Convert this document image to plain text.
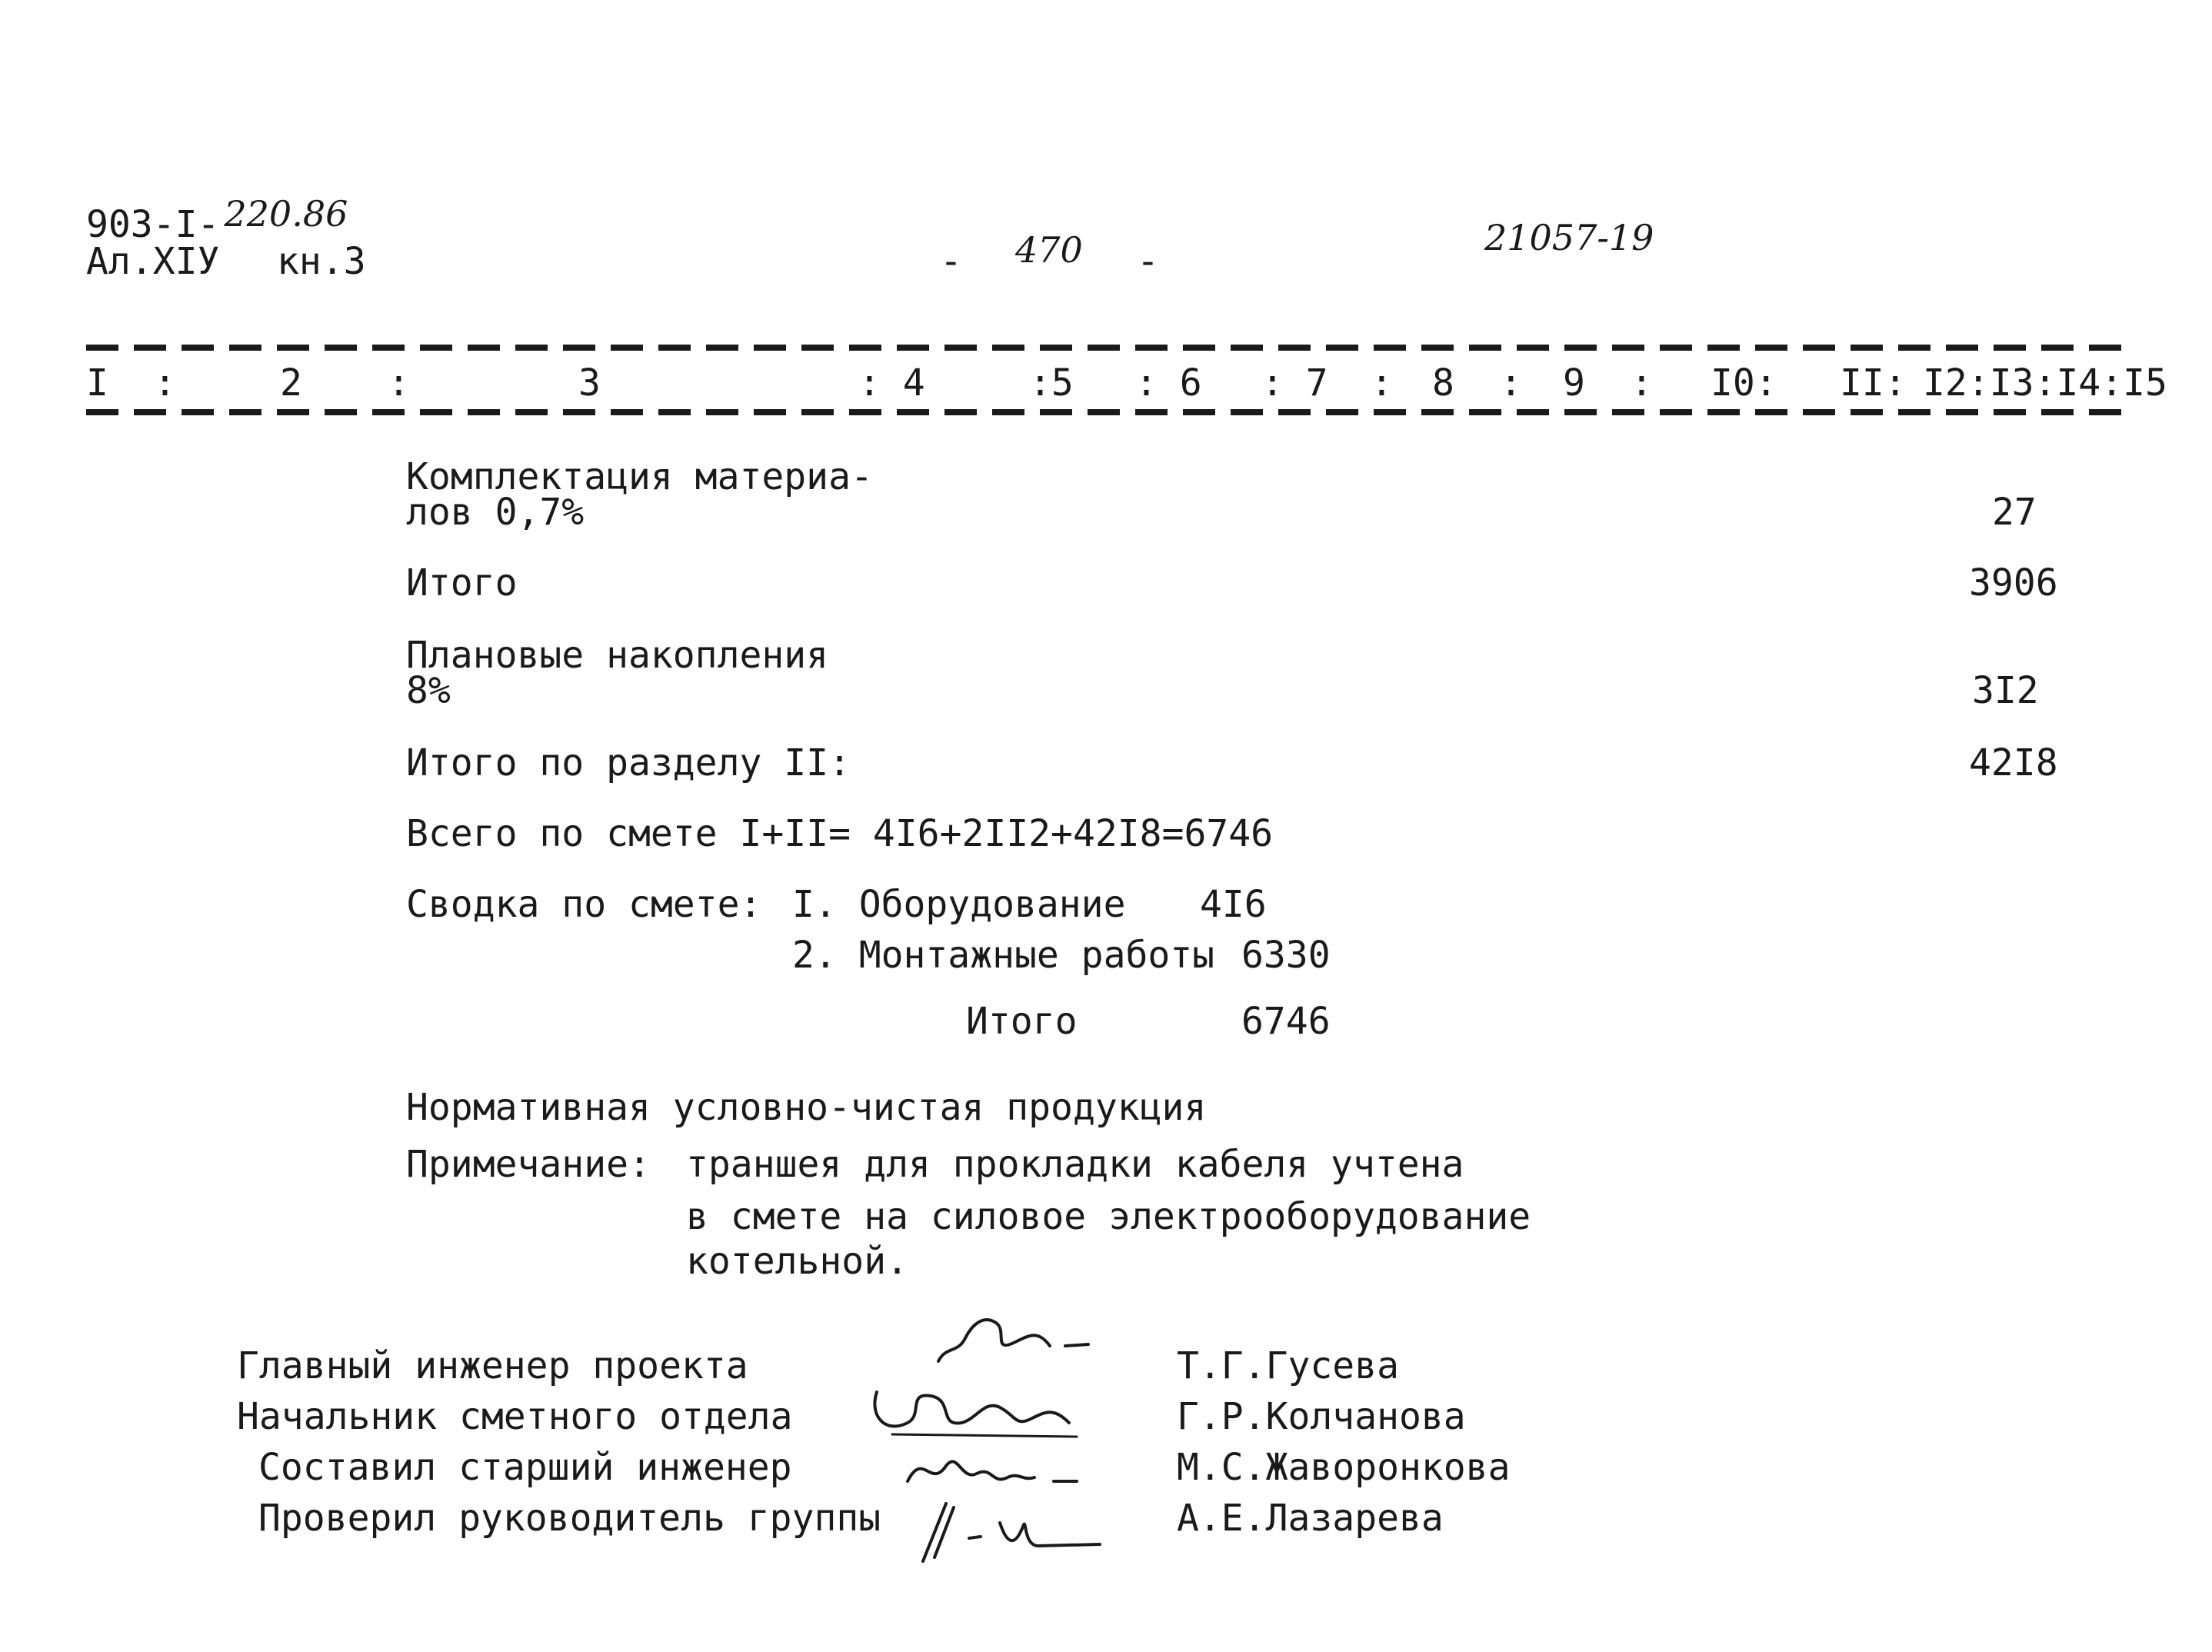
903-I- 220.86
Ал.XIУ кн.3	- 470 -
21057-19
I :	2 :	3	: 4	:5 : 6 : 7 : 8 : 9 : I0: II: I2:I3:I4:I5
Комплектация материа-
лов 0,7%	27
Итого	3906
Плановые накопления
8%	3I2
Итого по разделу II:	42I8
Всего по смете I+II= 4I6+2II2+42I8=6746
Сводка по смете: I. Оборудование 4I6
2. Монтажные работы 6330
Итого	6746
Нормативная условно-чистая продукция
Примечание: траншея для прокладки кабеля учтена
в смете на силовое электрооборудование
котельной.
Главный инженер проекта	Т.Г.Гусева
Начальник сметного отдела	Г.Р.Колчанова
Составил старший инженер	М.С.Жаворонкова
Проверил руководитель группы	А.Е.Лазарева
